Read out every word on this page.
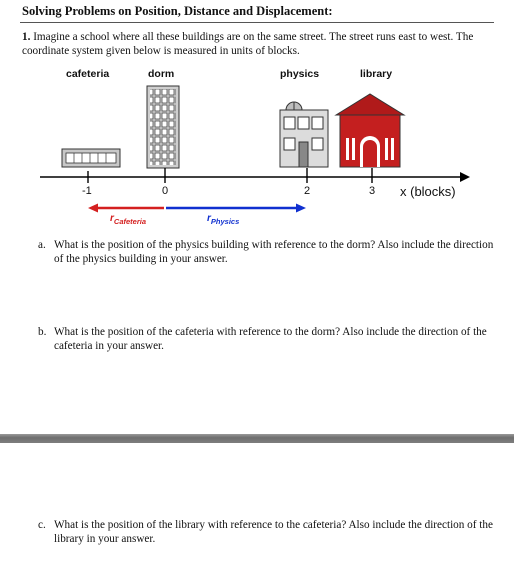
Solving Problems on Position, Distance and Displacement:
1. Imagine a school where all these buildings are on the same street. The street runs east to west. The coordinate system given below is measured in units of blocks.
cafeteria	dorm	physics	library
-1	0	2	3 x (blocks)
$r_{Cafeteria}$	$r_{Physics}$
a. What is the position of the physics building with reference to the dorm? Also include the direction of the physics building in your answer.
b. What is the position of the cafeteria with reference to the dorm? Also include the direction of the cafeteria in your answer.
c. What is the position of the library with reference to the cafeteria? Also include the direction of the library in your answer.
